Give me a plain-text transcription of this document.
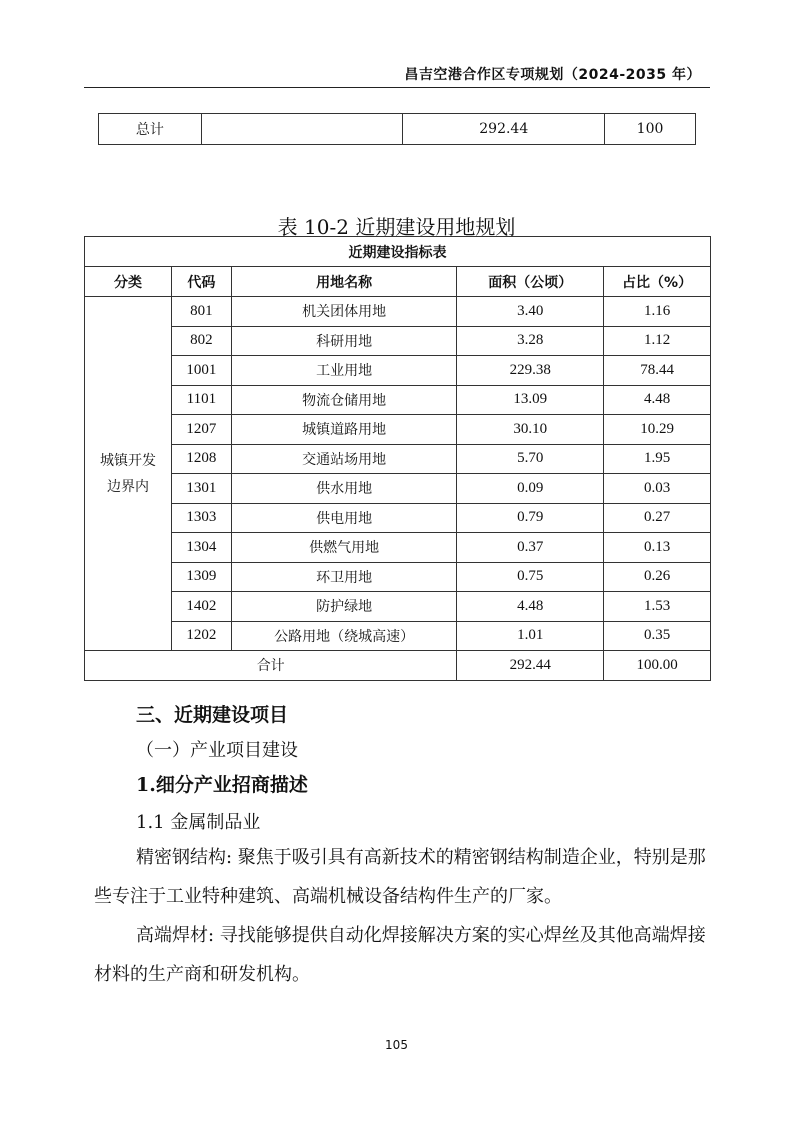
昌吉空港合作区专项规划（2024-2035 年）
总计		292.44	100
表 10-2 近期建设用地规划
近期建设指标表				
分类	代码	用地名称	面积（公顷）	占比（%）
城镇开发边界内	801	机关团体用地	3.40	1.16
	802	科研用地	3.28	1.12
	1001	工业用地	229.38	78.44
	1101	物流仓储用地	13.09	4.48
	1207	城镇道路用地	30.10	10.29
	1208	交通站场用地	5.70	1.95
	1301	供水用地	0.09	0.03
	1303	供电用地	0.79	0.27
	1304	供燃气用地	0.37	0.13
	1309	环卫用地	0.75	0.26
	1402	防护绿地	4.48	1.53
	1202	公路用地（绕城高速）	1.01	0.35
合计			292.44	100.00
三、近期建设项目
（一）产业项目建设
1.细分产业招商描述
1.1 金属制品业

精密钢结构: 聚焦于吸引具有高新技术的精密钢结构制造企业，特别是那些专注于工业特种建筑、高端机械设备结构件生产的厂家。

高端焊材: 寻找能够提供自动化焊接解决方案的实心焊丝及其他高端焊接材料的生产商和研发机构。

105
